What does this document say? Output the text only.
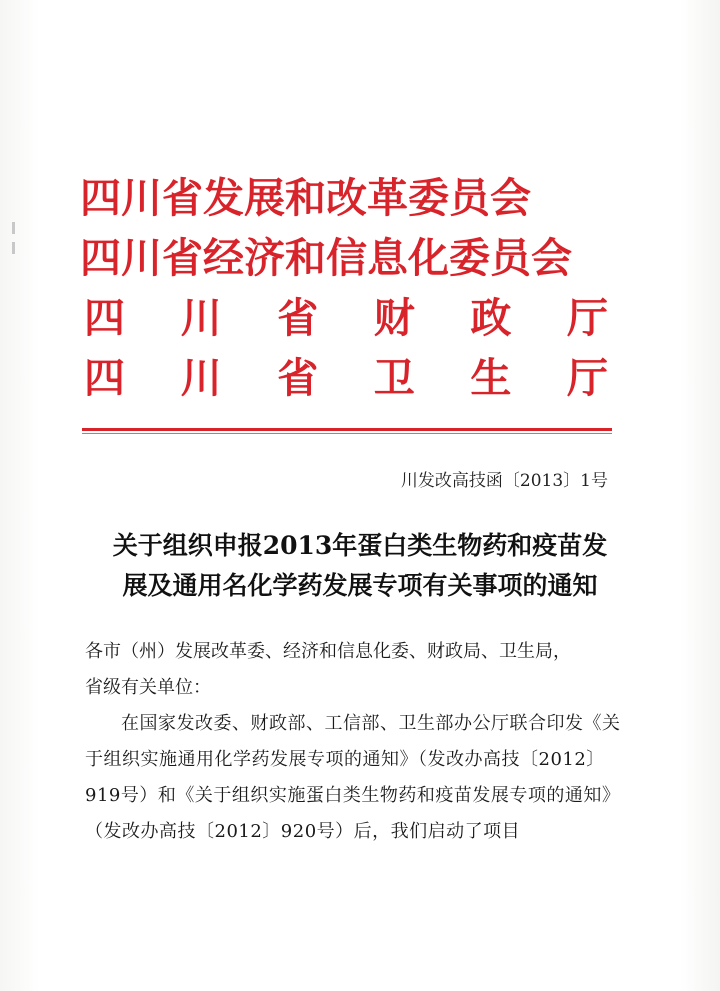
四川省发展和改革委员会
四川省经济和信息化委员会
四 川 省 财 政 厅
四 川 省 卫 生 厅
川发改高技函〔2013〕1号
关于组织申报2013年蛋白类生物药和疫苗发
展及通用名化学药发展专项有关事项的通知

各市（州）发展改革委、经济和信息化委、财政局、卫生局，

省级有关单位：

在国家发改委、财政部、工信部、卫生部办公厅联合印发《关于组织实施通用化学药发展专项的通知》（发改办高技〔2012〕919号）和《关于组织实施蛋白类生物药和疫苗发展专项的通知》（发改办高技〔2012〕920号）后，我们启动了项目
